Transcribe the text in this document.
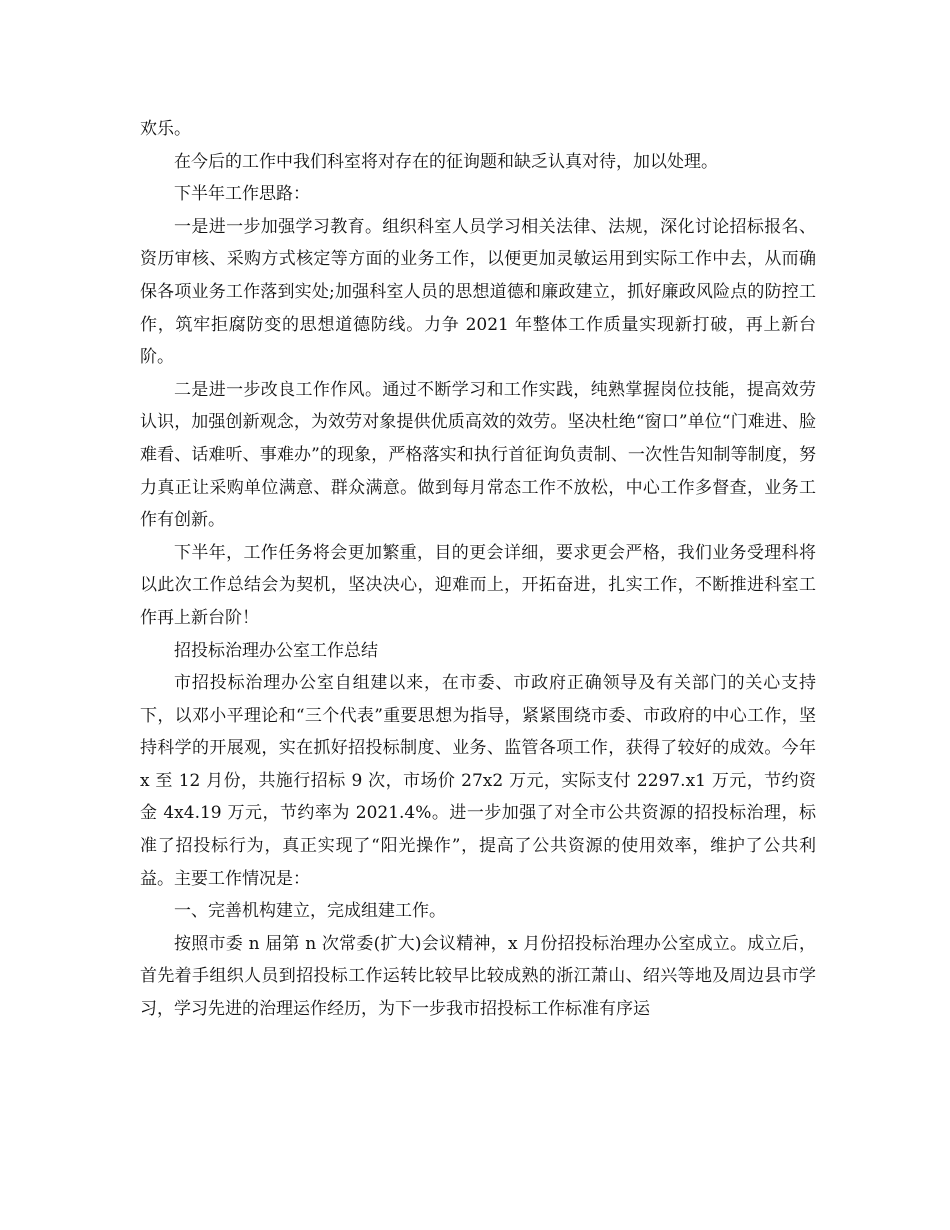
欢乐。

在今后的工作中我们科室将对存在的征询题和缺乏认真对待，加以处理。

下半年工作思路：

一是进一步加强学习教育。组织科室人员学习相关法律、法规，深化讨论招标报名、资历审核、采购方式核定等方面的业务工作，以便更加灵敏运用到实际工作中去，从而确保各项业务工作落到实处;加强科室人员的思想道德和廉政建立，抓好廉政风险点的防控工作，筑牢拒腐防变的思想道德防线。力争 2021 年整体工作质量实现新打破，再上新台阶。

二是进一步改良工作作风。通过不断学习和工作实践，纯熟掌握岗位技能，提高效劳认识，加强创新观念，为效劳对象提供优质高效的效劳。坚决杜绝“窗口”单位“门难进、脸难看、话难听、事难办”的现象，严格落实和执行首征询负责制、一次性告知制等制度，努力真正让采购单位满意、群众满意。做到每月常态工作不放松，中心工作多督查，业务工作有创新。

下半年，工作任务将会更加繁重，目的更会详细，要求更会严格，我们业务受理科将以此次工作总结会为契机，坚决决心，迎难而上，开拓奋进，扎实工作，不断推进科室工作再上新台阶！

招投标治理办公室工作总结

市招投标治理办公室自组建以来，在市委、市政府正确领导及有关部门的关心支持下，以邓小平理论和“三个代表”重要思想为指导，紧紧围绕市委、市政府的中心工作，坚持科学的开展观，实在抓好招投标制度、业务、监管各项工作，获得了较好的成效。今年 x 至 12 月份，共施行招标 9 次，市场价 27x2 万元，实际支付 2297.x1 万元，节约资金 4x4.19 万元，节约率为 2021.4%。进一步加强了对全市公共资源的招投标治理，标准了招投标行为，真正实现了“阳光操作”，提高了公共资源的使用效率，维护了公共利益。主要工作情况是：

一、完善机构建立，完成组建工作。

按照市委 n 届第 n 次常委(扩大)会议精神，x 月份招投标治理办公室成立。成立后，首先着手组织人员到招投标工作运转比较早比较成熟的浙江萧山、绍兴等地及周边县市学习，学习先进的治理运作经历，为下一步我市招投标工作标准有序运
